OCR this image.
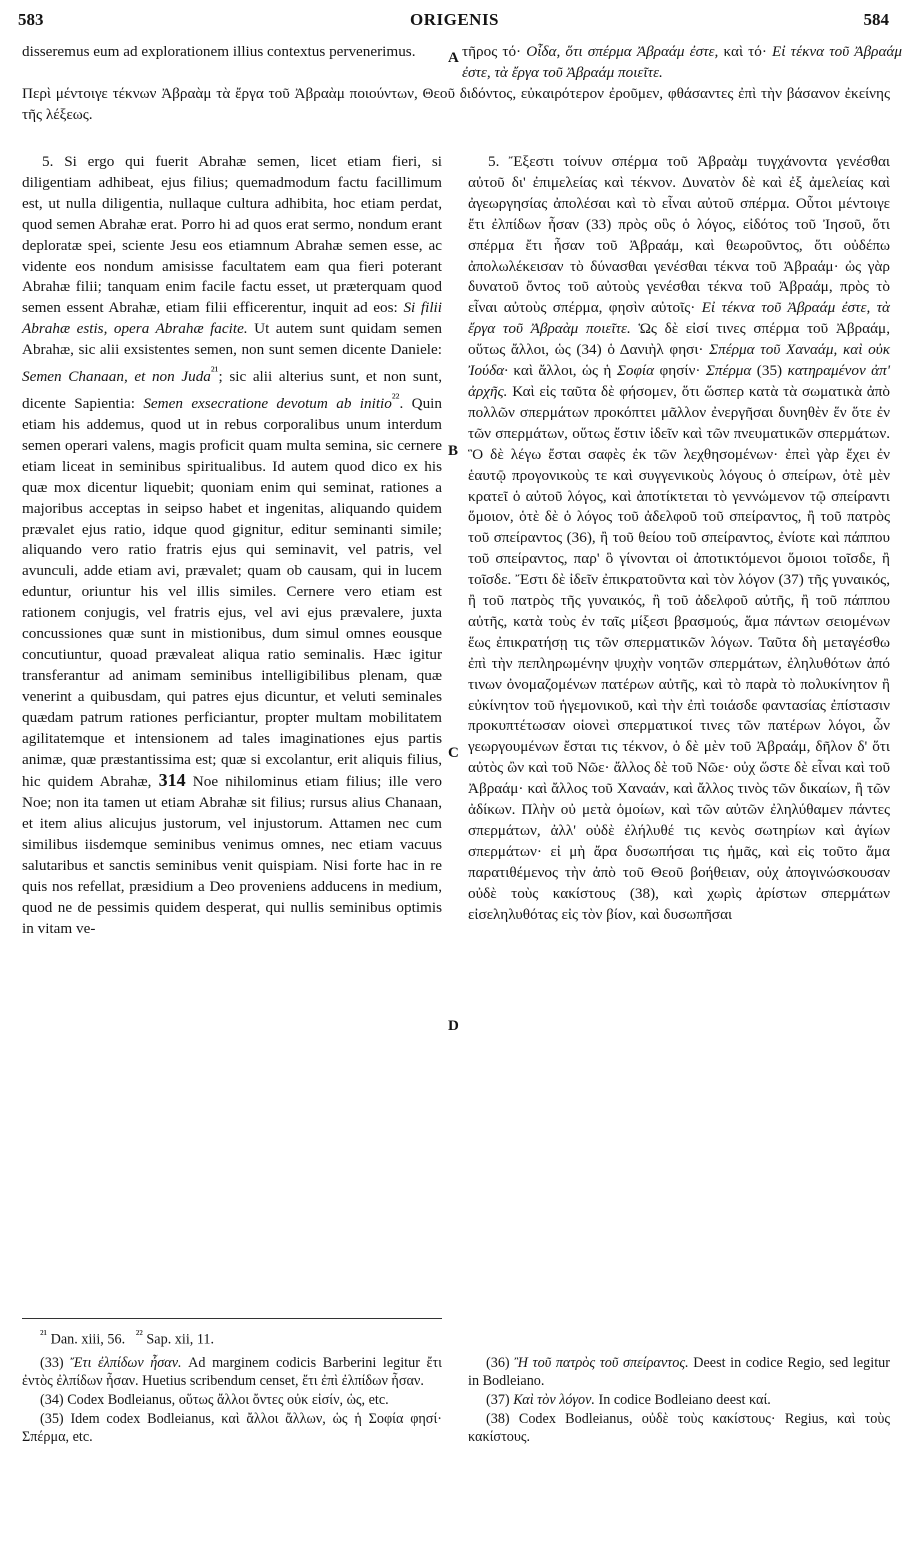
583	ORIGENIS	584
A
B
C
D

disseremus eum ad explorationem illius contextus pervenerimus.	τῆρος τό· Οἶδα, ὅτι σπέρμα Ἀβραάμ ἐστε, καὶ τό· Εἰ τέκνα τοῦ Ἀβραάμ ἐστε, τὰ ἔργα τοῦ Ἀβραάμ ποιεῖτε.

Περὶ μέντοιγε τέκνων Ἀβραὰμ τὰ ἔργα τοῦ Ἀβραὰμ ποιούντων, Θεοῦ διδόντος, εὐκαιρότερον ἐροῦμεν, φθάσαντες ἐπὶ τὴν βάσανον ἐκείνης τῆς λέξεως.

5. Si ergo qui fuerit Abrahæ semen, licet etiam fieri, si diligentiam adhibeat, ejus filius; quemadmodum factu facillimum est, ut nulla diligentia, nullaque cultura adhibita, hoc etiam perdat, quod semen Abrahæ erat. Porro hi ad quos erat sermo, nondum erant deploratæ spei, sciente Jesu eos etiamnum Abrahæ semen esse, ac vidente eos nondum amisisse facultatem eam qua fieri poterant Abrahæ filii; tanquam enim facile factu esset, ut præterquam quod semen essent Abrahæ, etiam filii efficerentur, inquit ad eos: Si filii Abrahæ estis, opera Abrahæ facite. Ut autem sunt quidam semen Abrahæ, sic alii exsistentes semen, non sunt semen dicente Daniele: Semen Chanaan, et non Juda$^{^{21}}$; sic alii alterius sunt, et non sunt, dicente Sapientia: Semen exsecratione devotum ab initio$^{^{22}}$. Quin etiam his addemus, quod ut in rebus corporalibus unum interdum semen operari valens, magis proficit quam multa semina, sic cernere etiam liceat in seminibus spiritualibus. Id autem quod dico ex his quæ mox dicentur liquebit; quoniam enim qui seminat, rationes a majoribus acceptas in seipso habet et ingenitas, aliquando quidem prævalet ejus ratio, idque quod gignitur, editur seminanti simile; aliquando vero ratio fratris ejus qui seminavit, vel patris, vel avunculi, adde etiam avi, prævalet; quam ob causam, qui in lucem eduntur, oriuntur his vel illis similes. Cernere vero etiam est rationem conjugis, vel fratris ejus, vel avi ejus prævalere, juxta concussiones quæ sunt in mistionibus, dum simul omnes eousque concutiuntur, quoad prævaleat aliqua ratio seminalis. Hæc igitur transferantur ad animam seminibus intelligibilibus plenam, quæ venerint a quibusdam, qui patres ejus dicuntur, et veluti seminales quædam patrum rationes perficiantur, propter multam mobilitatem agilitatemque et intensionem ad tales imaginationes ejus partis animæ, quæ præstantissima est; quæ si excolantur, erit aliquis filius, hic quidem Abrahæ, 314 Noe nihilominus etiam filius; ille vero Noe; non ita tamen ut etiam Abrahæ sit filius; rursus alius Chanaan, et item alius alicujus justorum, vel injustorum. Attamen nec cum similibus iisdemque seminibus venimus omnes, nec etiam vacuus salutaribus et sanctis seminibus venit quispiam. Nisi forte hac in re quis nos refellat, præsidium a Deo proveniens adducens in medium, quod ne de pessimis quidem desperat, qui nullis seminibus optimis in vitam ve-

5. Ἔξεστι τοίνυν σπέρμα τοῦ Ἀβραὰμ τυγχάνοντα γενέσθαι αὐτοῦ δι' ἐπιμελείας καὶ τέκνον. Δυνατὸν δὲ καὶ ἐξ ἀμελείας καὶ ἀγεωργησίας ἀπολέσαι καὶ τὸ εἶναι αὐτοῦ σπέρμα. Οὗτοι μέντοιγε ἔτι ἐλπίδων ἦσαν (33) πρὸς οὓς ὁ λόγος, εἰδότος τοῦ Ἰησοῦ, ὅτι σπέρμα ἔτι ἦσαν τοῦ Ἀβραάμ, καὶ θεωροῦντος, ὅτι οὐδέπω ἀπολωλέκεισαν τὸ δύνασθαι γενέσθαι τέκνα τοῦ Ἀβραάμ· ὡς γὰρ δυνατοῦ ὄντος τοῦ αὐτοὺς γενέσθαι τέκνα τοῦ Ἀβραάμ, πρὸς τὸ εἶναι αὐτοὺς σπέρμα, φησὶν αὐτοῖς· Εἰ τέκνα τοῦ Ἀβραάμ ἐστε, τὰ ἔργα τοῦ Ἀβραὰμ ποιεῖτε. Ὡς δὲ εἰσί τινες σπέρμα τοῦ Ἀβραάμ, οὕτως ἄλλοι, ὡς (34) ὁ Δανιὴλ φησι· Σπέρμα τοῦ Χαναάμ, καὶ οὐκ Ἰούδα· καὶ ἄλλοι, ὡς ἡ Σοφία φησίν· Σπέρμα (35) κατηραμένον ἀπ' ἀρχῆς. Καὶ εἰς ταῦτα δὲ φήσομεν, ὅτι ὥσπερ κατὰ τὰ σωματικὰ ἀπὸ πολλῶν σπερμάτων προκόπτει μᾶλλον ἐνεργῆσαι δυνηθὲν ἕν ὅτε ἐν τῶν σπερμάτων, οὕτως ἔστιν ἰδεῖν καὶ τῶν πνευματικῶν σπερμάτων. Ὃ δὲ λέγω ἔσται σαφὲς ἐκ τῶν λεχθησομένων· ἐπεὶ γὰρ ἔχει ἐν ἑαυτῷ προγονικοὺς τε καὶ συγγενικοὺς λόγους ὁ σπείρων, ὁτὲ μὲν κρατεῖ ὁ αὐτοῦ λόγος, καὶ ἀποτίκτεται τὸ γεννώμενον τῷ σπείραντι ὅμοιον, ὁτὲ δὲ ὁ λόγος τοῦ ἀδελφοῦ τοῦ σπείραντος, ἢ τοῦ πατρὸς τοῦ σπείραντος (36), ἢ τοῦ θείου τοῦ σπείραντος, ἐνίοτε καὶ πάππου τοῦ σπείραντος, παρ' ὃ γίνονται οἱ ἀποτικτόμενοι ὅμοιοι τοῖσδε, ἢ τοῖσδε. Ἔστι δὲ ἰδεῖν ἐπικρατοῦντα καὶ τὸν λόγον (37) τῆς γυναικός, ἢ τοῦ πατρὸς τῆς γυναικός, ἢ τοῦ ἀδελφοῦ αὐτῆς, ἢ τοῦ πάππου αὐτῆς, κατὰ τοὺς ἐν ταῖς μίξεσι βρασμούς, ἅμα πάντων σειομένων ἕως ἐπικρατήσῃ τις τῶν σπερματικῶν λόγων. Ταῦτα δὴ μεταγέσθω ἐπὶ τὴν πεπληρωμένην ψυχὴν νοητῶν σπερμάτων, ἐληλυθότων ἀπό τινων ὀνομαζομένων πατέρων αὐτῆς, καὶ τὸ παρὰ τὸ πολυκίνητον ἢ εὐκίνητον τοῦ ἡγεμονικοῦ, καὶ τὴν ἐπὶ τοιάσδε φαντασίας ἐπίστασιν προκυπτέτωσαν οἱονεὶ σπερματικοί τινες τῶν πατέρων λόγοι, ὧν γεωργουμένων ἔσται τις τέκνον, ὁ δὲ μὲν τοῦ Ἀβραάμ, δῆλον δ' ὅτι αὐτὸς ὢν καὶ τοῦ Νῶε· ἄλλος δὲ τοῦ Νῶε· οὐχ ὥστε δὲ εἶναι καὶ τοῦ Ἀβραάμ· καὶ ἄλλος τοῦ Χαναάν, καὶ ἄλλος τινὸς τῶν δικαίων, ἢ τῶν ἀδίκων. Πλὴν οὐ μετὰ ὁμοίων, καὶ τῶν αὐτῶν ἐληλύθαμεν πάντες σπερμάτων, ἀλλ' οὐδὲ ἐλήλυθέ τις κενὸς σωτηρίων καὶ ἁγίων σπερμάτων· εἰ μὴ ἄρα δυσωπήσαι τις ἡμᾶς, καὶ εἰς τοῦτο ἅμα παρατιθέμενος τὴν ἀπὸ τοῦ Θεοῦ βοήθειαν, οὐχ ἀπογινώσκουσαν οὐδὲ τοὺς κακίστους (38), καὶ χωρὶς ἀρίστων σπερμάτων εἰσεληλυθότας εἰς τὸν βίον, καὶ δυσωπῆσαι

$^{^{21}}$ Dan. xiii, 56. $^{^{22}}$ Sap. xii, 11.

(33) Ἔτι ἐλπίδων ἦσαν. Ad marginem codicis Barberini legitur ἔτι ἐντὸς ἐλπίδων ἦσαν. Huetius scribendum censet, ἔτι ἐπὶ ἐλπίδων ἦσαν.

(34) Codex Bodleianus, οὕτως ἄλλοι ὄντες οὐκ εἰσίν, ὡς, etc.

(35) Idem codex Bodleianus, καὶ ἄλλοι ἄλλων, ὡς ἡ Σοφία φησί· Σπέρμα, etc.

(36) Ἢ τοῦ πατρὸς τοῦ σπείραντος. Deest in codice Regio, sed legitur in Bodleiano.

(37) Καὶ τὸν λόγον. In codice Bodleiano deest καί.

(38) Codex Bodleianus, οὐδὲ τοὺς κακίστους· Regius, καὶ τοὺς κακίστους.
